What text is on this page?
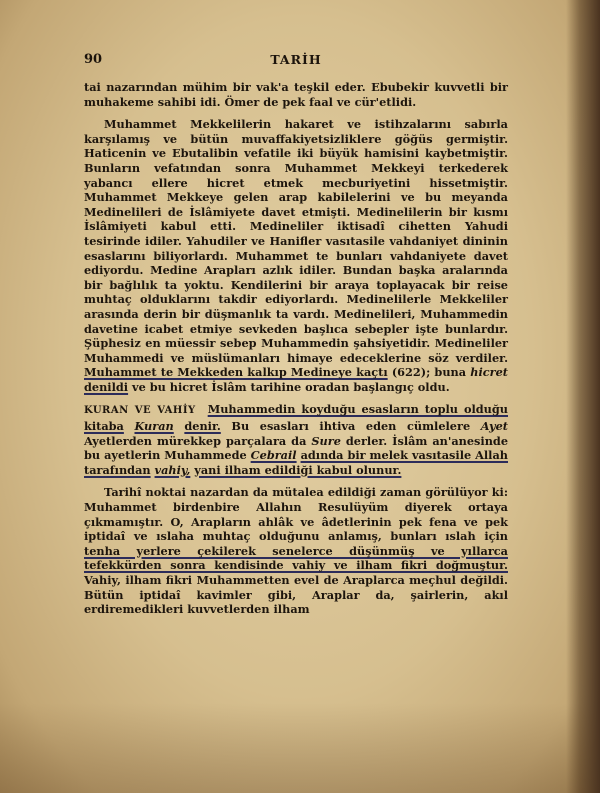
90	TARİH

tai nazarından mühim bir vak'a teşkil eder. Ebubekir kuvvetli bir muhakeme sahibi idi. Ömer de pek faal ve cür'etlidi.

Muhammet Mekkelilerin hakaret ve istihzalarını sabırla karşılamış ve bütün muvaffakiyetsizliklere göğüs germiştir. Haticenin ve Ebutalibin vefatile iki büyük hamisini kaybetmiştir. Bunların vefatından sonra Muhammet Mekkeyi terkederek yabancı ellere hicret etmek mecburiyetini hissetmiştir. Muhammet Mekkeye gelen arap kabilelerini ve bu meyanda Medinelileri de İslâmiyete davet etmişti. Medinelilerin bir kısmı İslâmiyeti kabul etti. Medineliler iktisadî cihetten Yahudi tesirinde idiler. Yahudiler ve Hanifler vasıtasile vahdaniyet dininin esaslarını biliyorlardı. Muhammet te bunları vahdaniyete davet ediyordu. Medine Arapları azlık idiler. Bundan başka aralarında bir bağlılık ta yoktu. Kendilerini bir araya toplayacak bir reise muhtaç olduklarını takdir ediyorlardı. Medinelilerle Mekkeliler arasında derin bir düşmanlık ta vardı. Medinelileri, Muhammedin davetine icabet etmiye sevkeden başlıca sebepler işte bunlardır. Şüphesiz en müessir sebep Muhammedin şahsiyetidir. Medineliler Muhammedi ve müslümanları himaye edeceklerine söz verdiler. Muhammet te Mekkeden kalkıp Medineye kaçtı (622); buna hicret denildi ve bu hicret İslâm tarihine oradan başlangıç oldu.

KURAN VE VAHİY Muhammedin koyduğu esasların toplu olduğu kitaba Kuran denir. Bu esasları ihtiva eden cümlelere Ayet Ayetlerden mürekkep parçalara da Sure derler. İslâm an'anesinde bu ayetlerin Muhammede Cebrail adında bir melek vasıtasile Allah tarafından vahiy, yani ilham edildiği kabul olunur.

Tarihî noktai nazardan da mütalea edildiği zaman görülüyor ki: Muhammet birdenbire Allahın Resulüyüm diyerek ortaya çıkmamıştır. O, Arapların ahlâk ve âdetlerinin pek fena ve pek iptidaî ve ıslaha muhtaç olduğunu anlamış, bunları ıslah için tenha yerlere çekilerek senelerce düşünmüş ve yıllarca tefekkürden sonra kendisinde vahiy ve ilham fikri doğmuştur. Vahiy, ilham fikri Muhammetten evel de Araplarca meçhul değildi. Bütün iptidaî kavimler gibi, Araplar da, şairlerin, akıl erdiremedikleri kuvvetlerden ilham
